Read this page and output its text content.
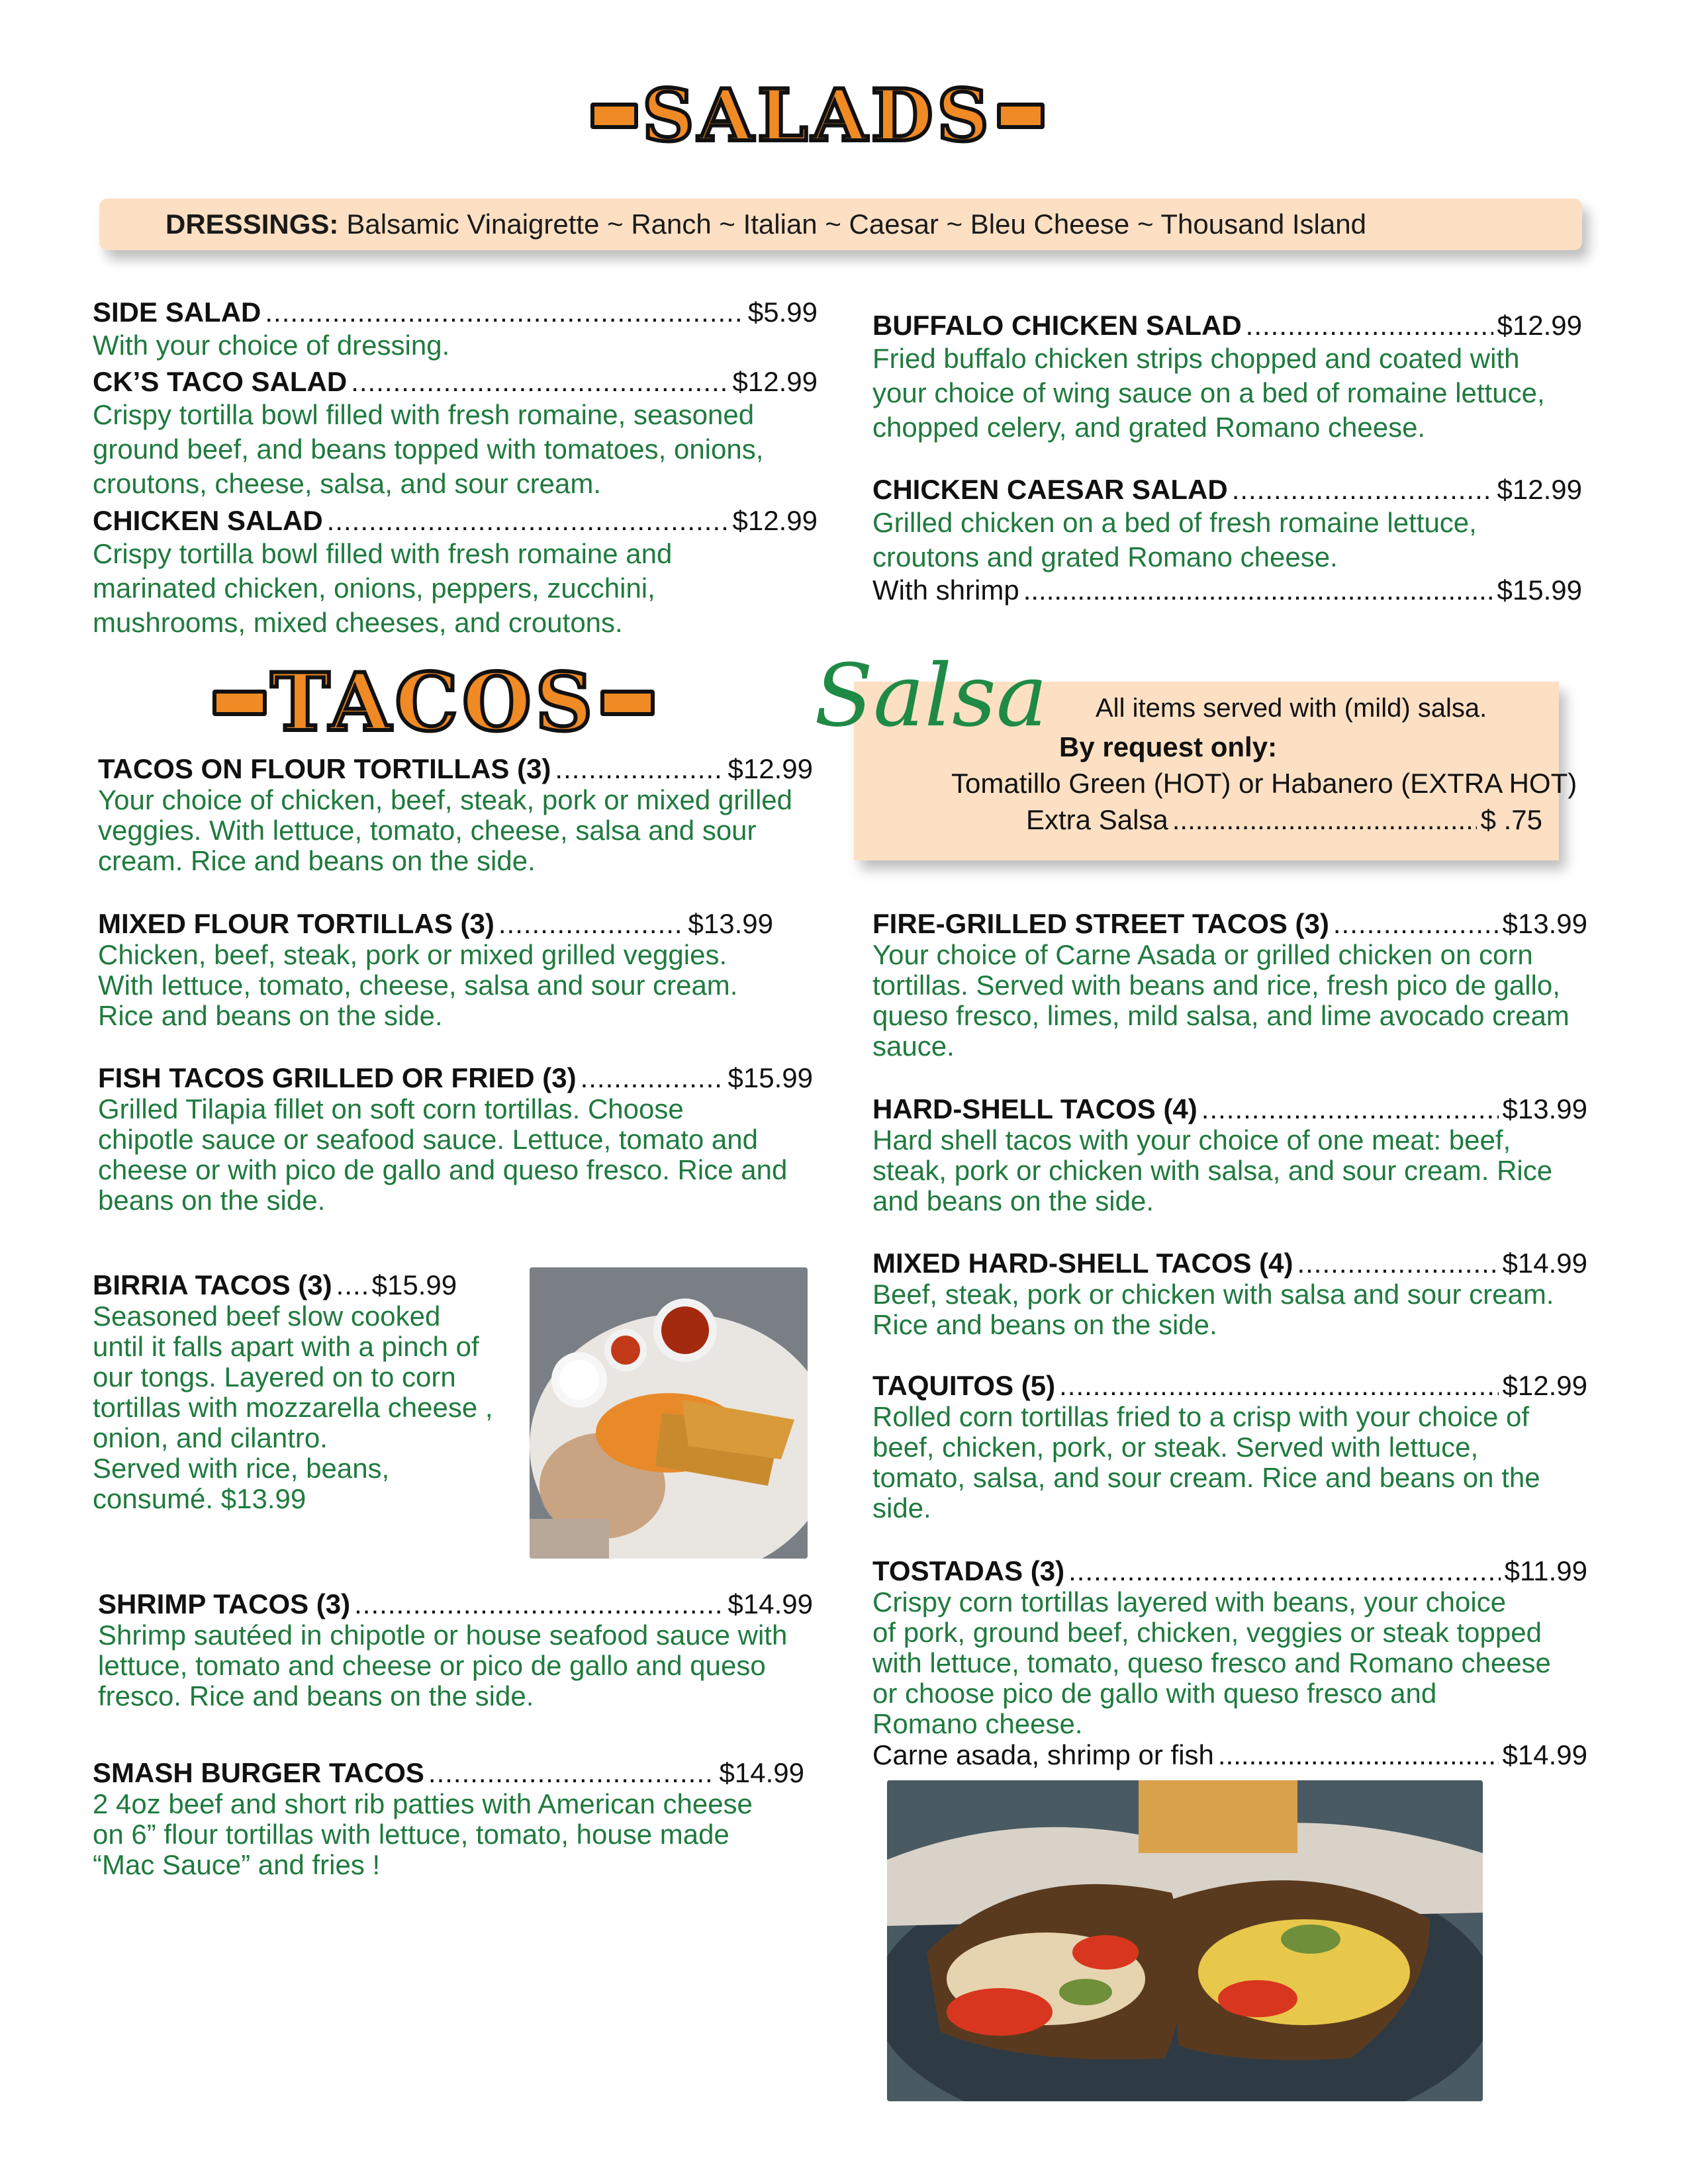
SALADS
DRESSINGS: Balsamic Vinaigrette ~ Ranch ~ Italian ~ Caesar ~ Bleu Cheese ~ Thousand Island
SIDE SALAD .....	$5.99
With your choice of dressing.
CK’S TACO SALAD .....	$12.99
Crispy tortilla bowl filled with fresh romaine, seasoned
ground beef, and beans topped with tomatoes, onions,
croutons, cheese, salsa, and sour cream.
CHICKEN SALAD .....	$12.99
Crispy tortilla bowl filled with fresh romaine and
marinated chicken, onions, peppers, zucchini,
mushrooms, mixed cheeses, and croutons.
BUFFALO CHICKEN SALAD .....	$12.99
Fried buffalo chicken strips chopped and coated with
your choice of wing sauce on a bed of romaine lettuce,
chopped celery, and grated Romano cheese.
CHICKEN CAESAR SALAD .....	$12.99
Grilled chicken on a bed of fresh romaine lettuce,
croutons and grated Romano cheese.
With shrimp .....	$15.99
TACOS	Salsa All items served with (mild) salsa.
By request only:
Tomatillo Green (HOT) or Habanero (EXTRA HOT)
Extra Salsa .....	$ .75
TACOS ON FLOUR TORTILLAS (3) .....	$12.99
Your choice of chicken, beef, steak, pork or mixed grilled
veggies. With lettuce, tomato, cheese, salsa and sour
cream. Rice and beans on the side.
MIXED FLOUR TORTILLAS (3) .....	$13.99
Chicken, beef, steak, pork or mixed grilled veggies.
With lettuce, tomato, cheese, salsa and sour cream.
Rice and beans on the side.
FISH TACOS GRILLED OR FRIED (3) .....	$15.99
Grilled Tilapia fillet on soft corn tortillas. Choose
chipotle sauce or seafood sauce. Lettuce, tomato and
cheese or with pico de gallo and queso fresco. Rice and
beans on the side.
BIRRIA TACOS (3) ..... $15.99
Seasoned beef slow cooked
until it falls apart with a pinch of
our tongs. Layered on to corn
tortillas with mozzarella cheese ,
onion, and cilantro.
Served with rice, beans,
consumé. $13.99
SHRIMP TACOS (3) .....	$14.99
Shrimp sautéed in chipotle or house seafood sauce with
lettuce, tomato and cheese or pico de gallo and queso
fresco. Rice and beans on the side.
SMASH BURGER TACOS .....	$14.99
2 4oz beef and short rib patties with American cheese
on 6” flour tortillas with lettuce, tomato, house made
“Mac Sauce” and fries !
FIRE-GRILLED STREET TACOS (3) .....	$13.99
Your choice of Carne Asada or grilled chicken on corn
tortillas. Served with beans and rice, fresh pico de gallo,
queso fresco, limes, mild salsa, and lime avocado cream
sauce.
HARD-SHELL TACOS (4) .....	$13.99
Hard shell tacos with your choice of one meat: beef,
steak, pork or chicken with salsa, and sour cream. Rice
and beans on the side.
MIXED HARD-SHELL TACOS (4) .....	$14.99
Beef, steak, pork or chicken with salsa and sour cream.
Rice and beans on the side.
TAQUITOS (5) .....	$12.99
Rolled corn tortillas fried to a crisp with your choice of
beef, chicken, pork, or steak. Served with lettuce,
tomato, salsa, and sour cream. Rice and beans on the
side.
TOSTADAS (3) .....	$11.99
Crispy corn tortillas layered with beans, your choice
of pork, ground beef, chicken, veggies or steak topped
with lettuce, tomato, queso fresco and Romano cheese
or choose pico de gallo with queso fresco and
Romano cheese.
Carne asada, shrimp or fish .....	$14.99
